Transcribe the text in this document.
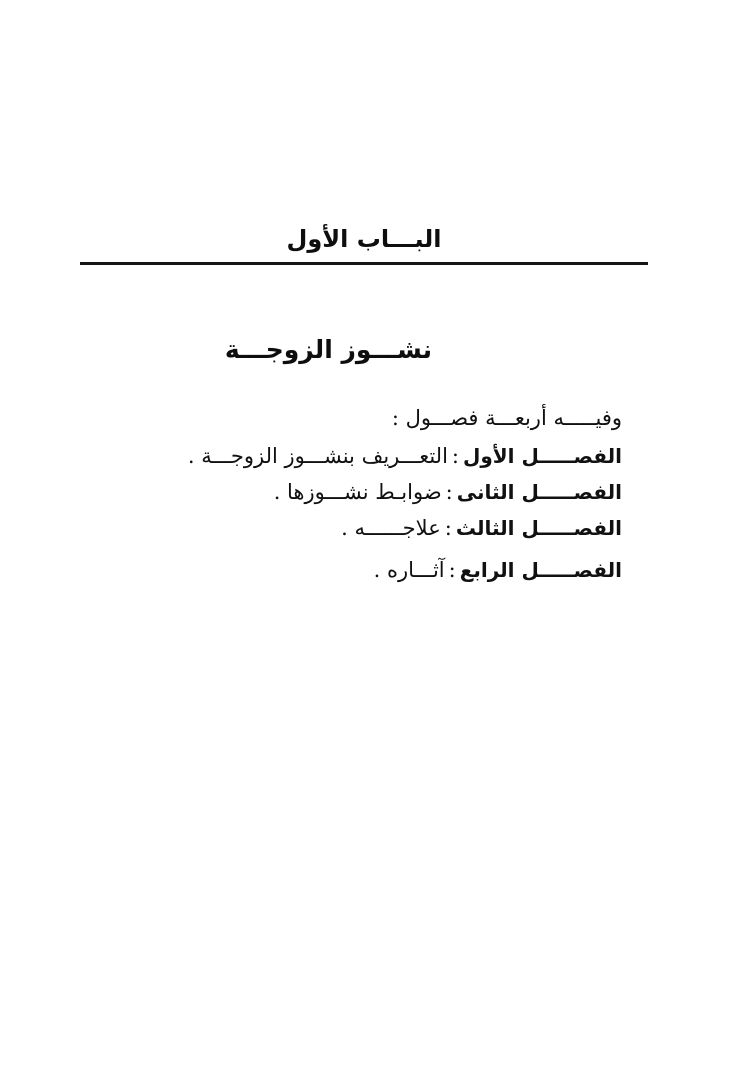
البـــاب الأول
نشـــوز الزوجـــة
وفيـــــه أربعـــة فصـــول :
الفصـــــل الأول:التعـــريف بنشـــوز الزوجـــة .
الفصـــــل الثانى:ضوابـط نشـــوزها .
الفصـــــل الثالث:علاجــــــه .
الفصـــــل الرابع:آثـــاره .
